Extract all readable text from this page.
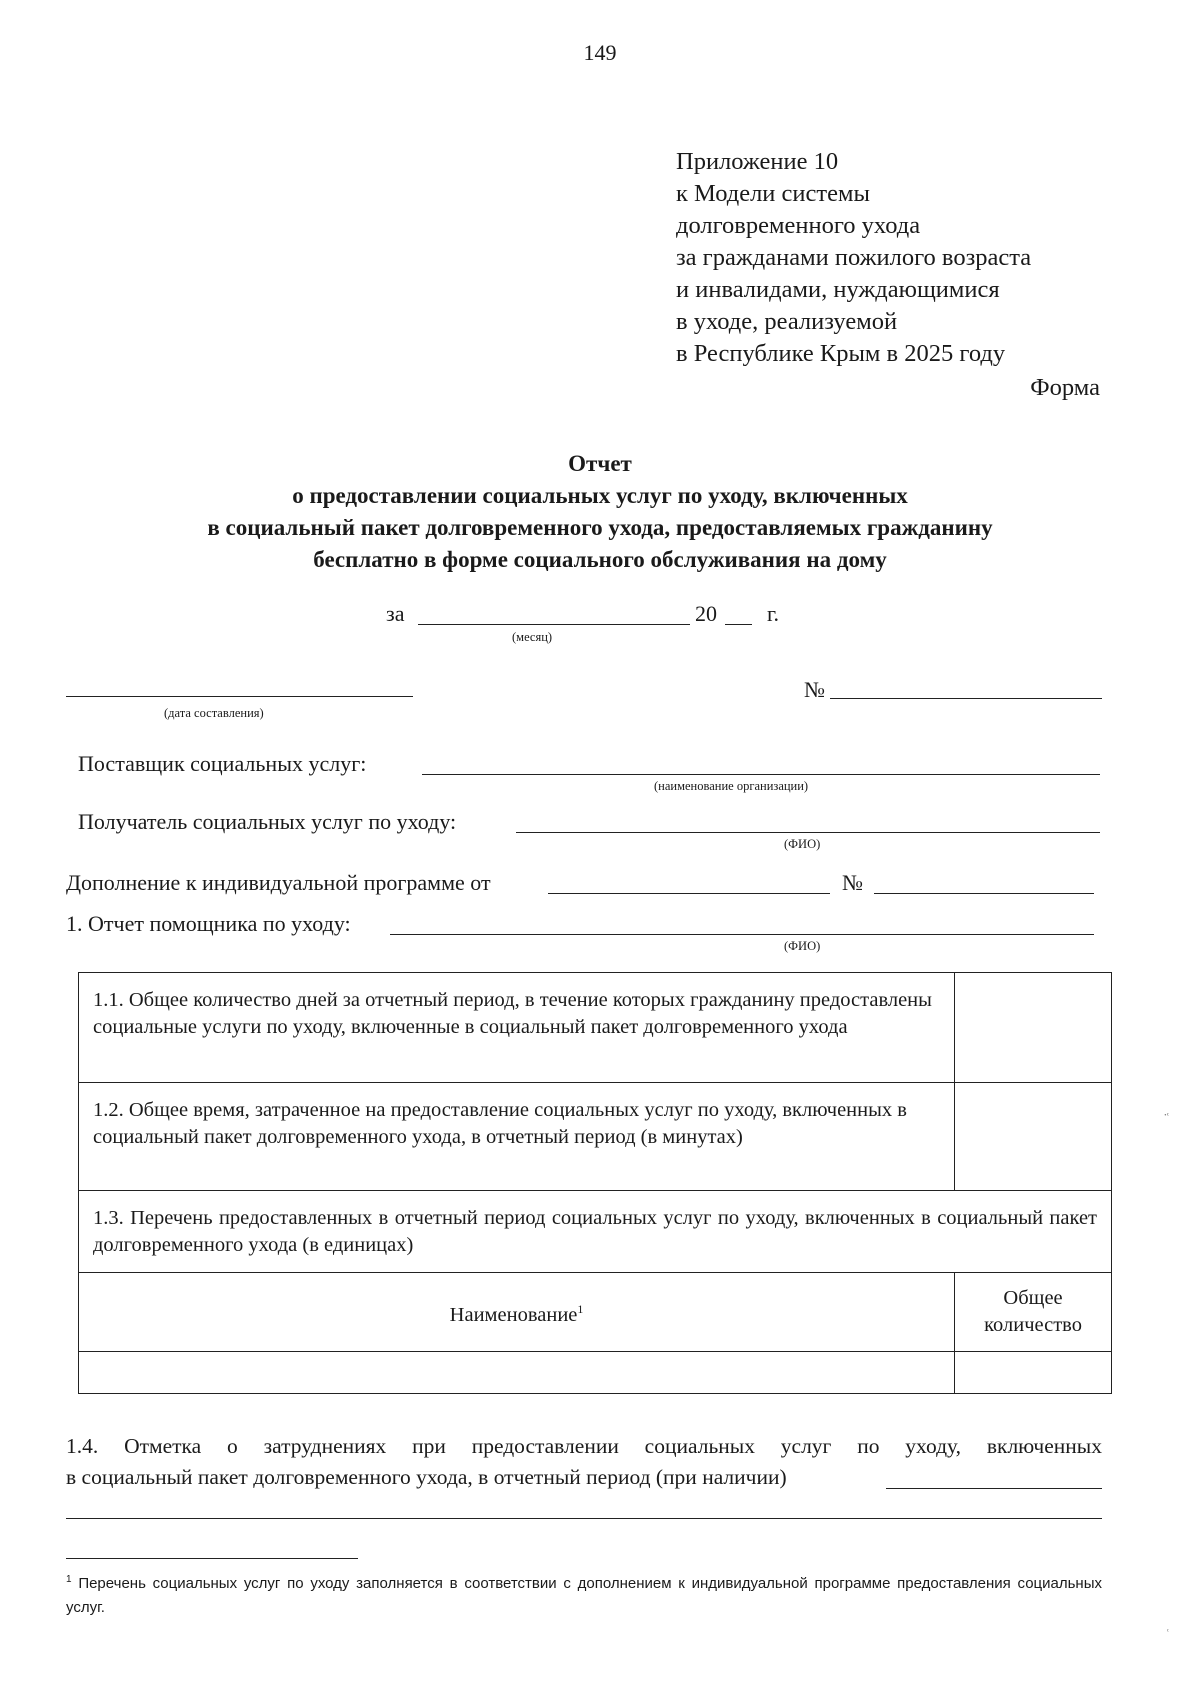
149
Приложение 10
к Модели системы
долговременного ухода
за гражданами пожилого возраста
и инвалидами, нуждающимися
в уходе, реализуемой
в Республике Крым в 2025 году
Форма
Отчет
о предоставлении социальных услуг по уходу, включенных
в социальный пакет долговременного ухода, предоставляемых гражданину
бесплатно в форме социального обслуживания на дому
за
(месяц)
20 г.
(дата составления)
№
Поставщик социальных услуг:
(наименование организации)
Получатель социальных услуг по уходу:
(ФИО)
Дополнение к индивидуальной программе от	№
1. Отчет помощника по уходу:
(ФИО)
1.1. Общее количество дней за отчетный период, в течение которых гражданину предоставлены социальные услуги по уходу, включенные в социальный пакет долговременного ухода	
1.2. Общее время, затраченное на предоставление социальных услуг по уходу, включенных в социальный пакет долговременного ухода, в отчетный период (в минутах)	
1.3. Перечень предоставленных в отчетный период социальных услуг по уходу, включенных в социальный пакет долговременного ухода (в единицах)	
Наименование$^1$	Общее
количество

1.4. Отметка о затруднениях при предоставлении социальных услуг по уходу, включенных
в социальный пакет долговременного ухода, в отчетный период (при наличии)
$^1$ Перечень социальных услуг по уходу заполняется в соответствии с дополнением к индивидуальной программе предоставления социальных услуг.
̇ʿ
ʿ
